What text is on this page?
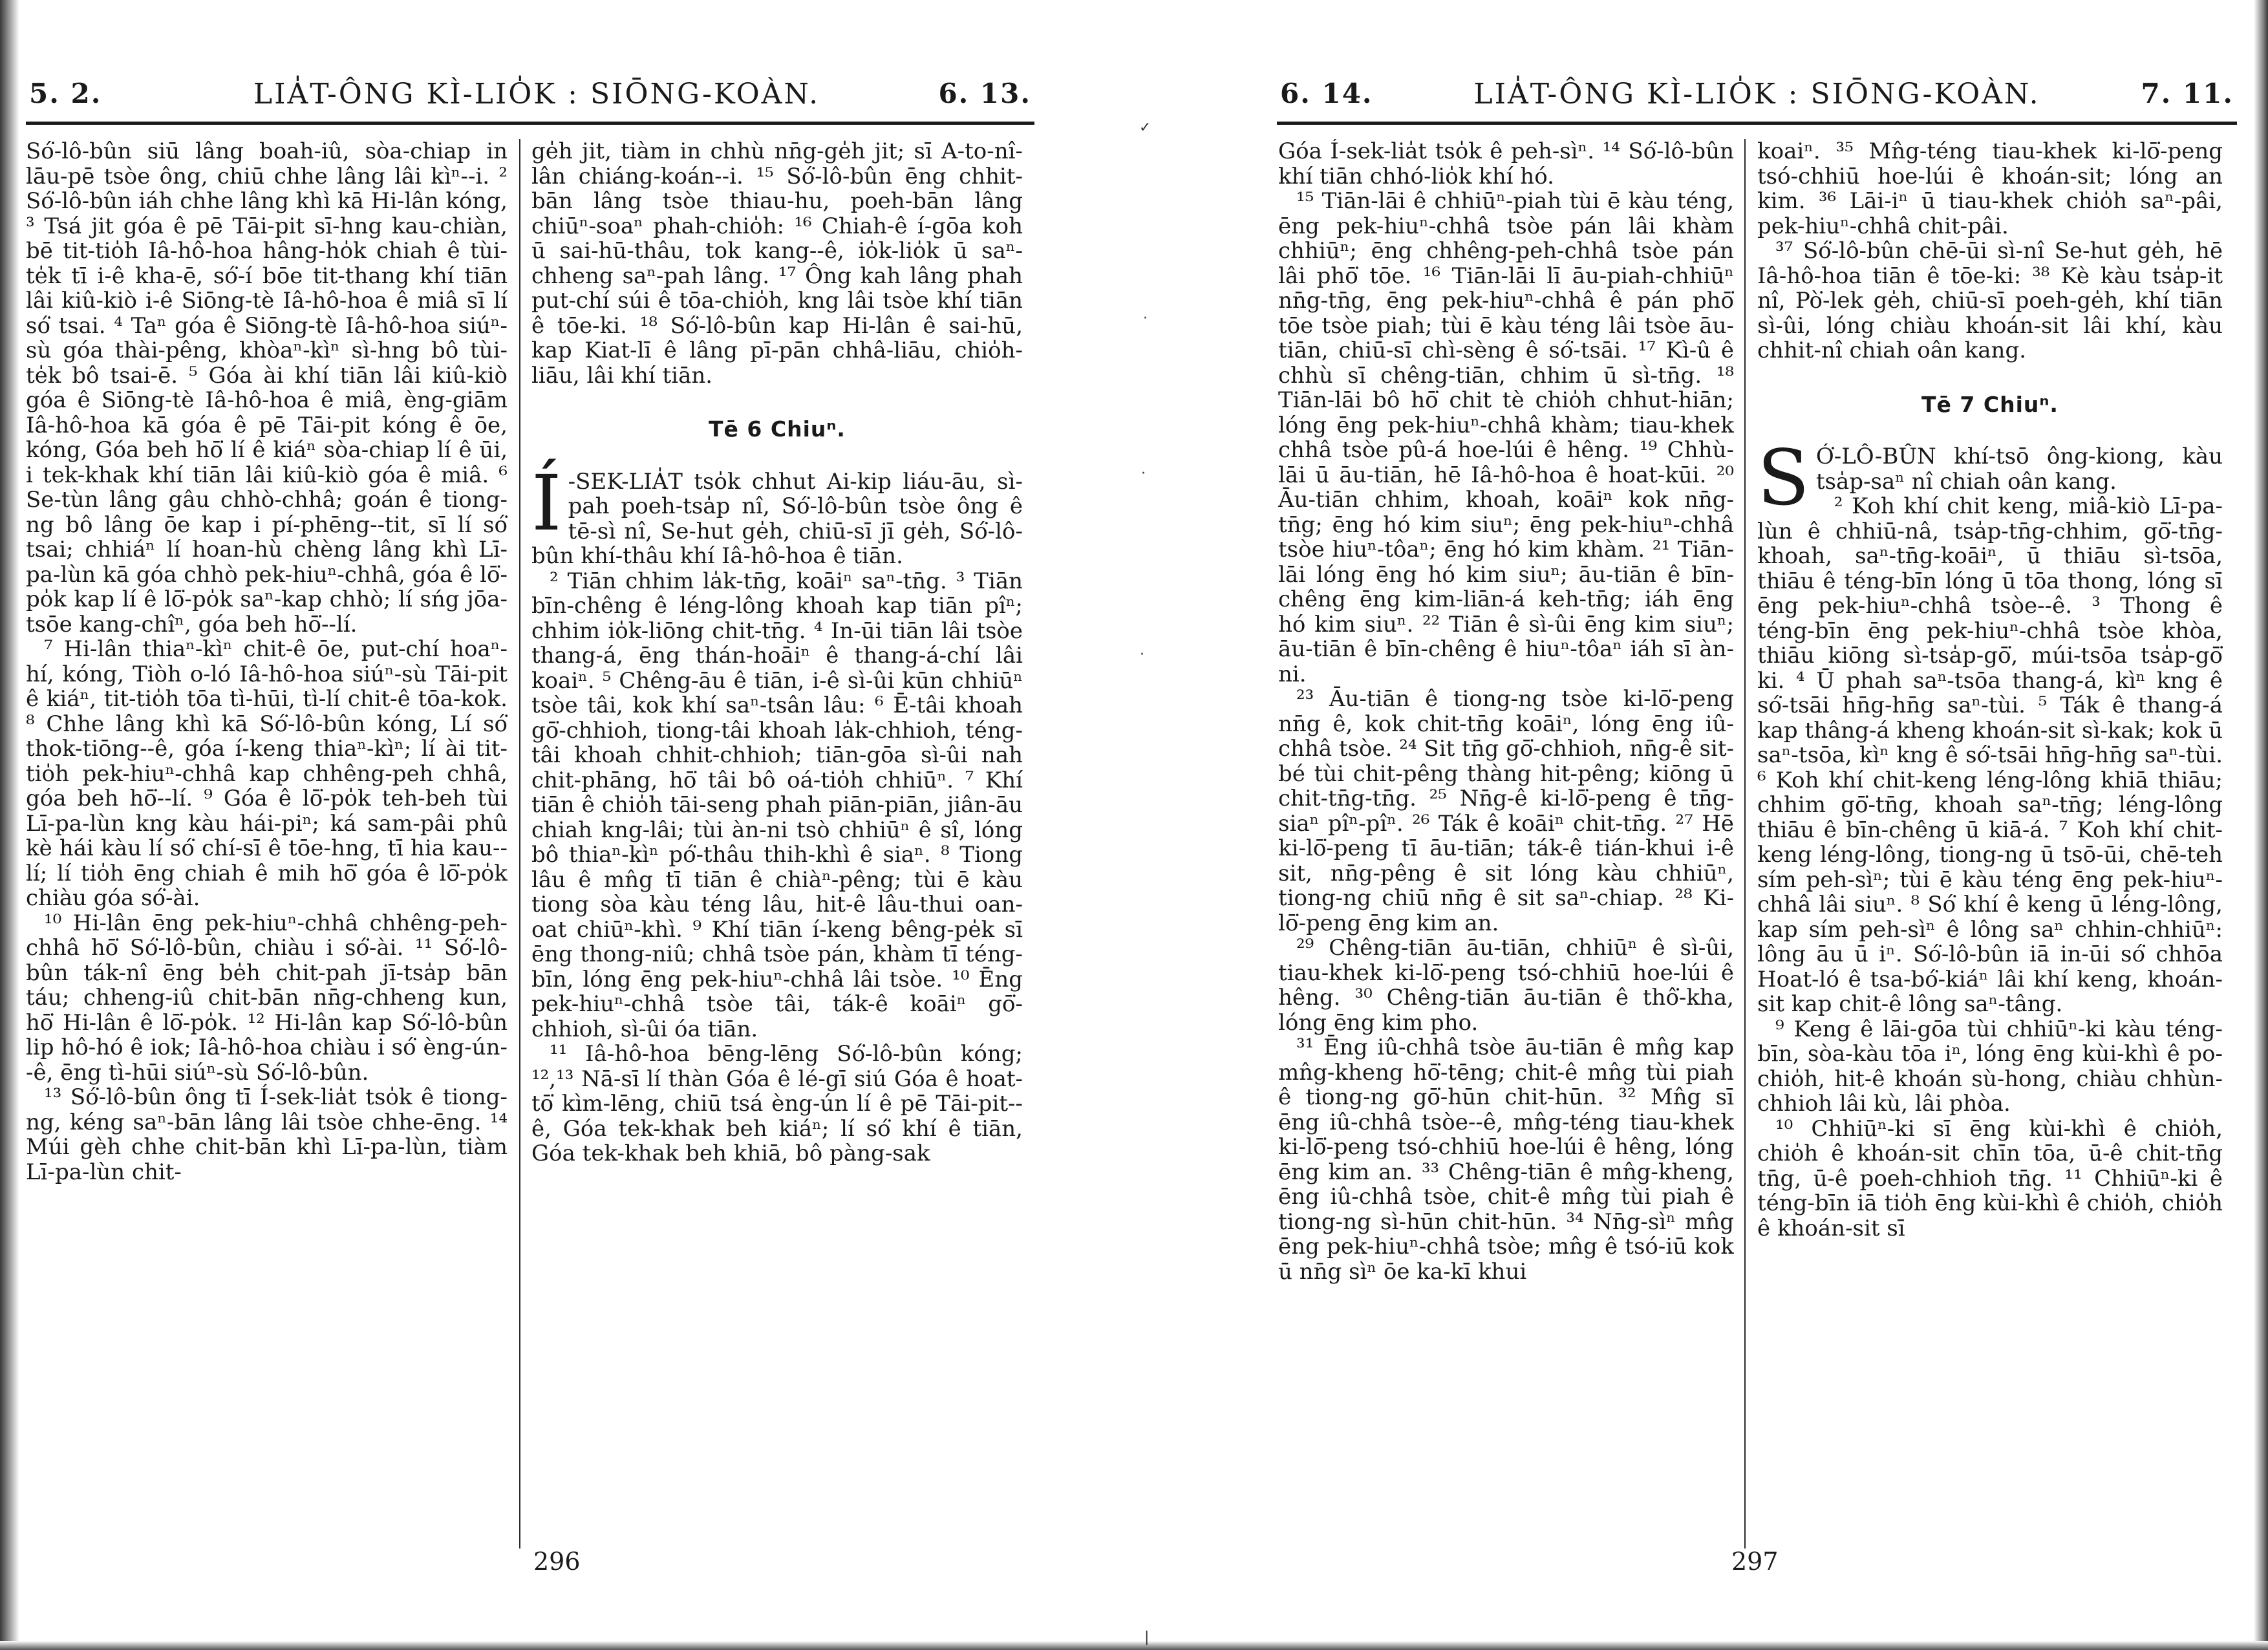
5. 2.	LIA̍T-ÔNG KÌ-LIO̍K : SIŌNG-KOÀN.	6. 13.

Só͘-lô-bûn siū lâng boah-iû, sòa-chiap in lāu-pē tsòe ông, chiū chhe lâng lâi kìⁿ--i. ² Só͘-lô-bûn iáh chhe lâng khì kā Hi-lân kóng, ³ Tsá jit góa ê pē Tāi-pit sī-hng kau-chiàn, bē tit-tio̍h Iâ-hô-hoa hâng-ho̍k chiah ê tùi-te̍k tī i-ê kha-ē, só͘-í bōe tit-thang khí tiān lâi kiû-kiò i-ê Siōng-tè Iâ-hô-hoa ê miâ sī lí só͘ tsai. ⁴ Taⁿ góa ê Siōng-tè Iâ-hô-hoa siúⁿ-sù góa thài-pêng, khòaⁿ-kìⁿ sì-hng bô tùi-te̍k bô tsai-ē. ⁵ Góa ài khí tiān lâi kiû-kiò góa ê Siōng-tè Iâ-hô-hoa ê miâ, èng-giām Iâ-hô-hoa kā góa ê pē Tāi-pit kóng ê ōe, kóng, Góa beh hō͘ lí ê kiáⁿ sòa-chiap lí ê ūi, i tek-khak khí tiān lâi kiû-kiò góa ê miâ. ⁶ Se-tùn lâng gâu chhò-chhâ; goán ê tiong-ng bô lâng ōe kap i pí-phēng--tit, sī lí só͘ tsai; chhiáⁿ lí hoan-hù chèng lâng khì Lī-pa-lùn kā góa chhò pek-hiuⁿ-chhâ, góa ê lō͘-po̍k kap lí ê lō͘-po̍k saⁿ-kap chhò; lí sńg jōa-tsōe kang-chîⁿ, góa beh hō͘--lí.

⁷ Hi-lân thiaⁿ-kìⁿ chit-ê ōe, put-chí hoaⁿ-hí, kóng, Tiòh o-ló Iâ-hô-hoa siúⁿ-sù Tāi-pit ê kiáⁿ, tit-tio̍h tōa tì-hūi, tì-lí chit-ê tōa-kok. ⁸ Chhe lâng khì kā Só͘-lô-bûn kóng, Lí só͘ thok-tiōng--ê, góa í-keng thiaⁿ-kìⁿ; lí ài tit-tio̍h pek-hiuⁿ-chhâ kap chhêng-peh chhâ, góa beh hō͘--lí. ⁹ Góa ê lō͘-po̍k teh-beh tùi Lī-pa-lùn kng kàu hái-piⁿ; ká sam-pâi phû kè hái kàu lí só͘ chí-sī ê tōe-hng, tī hia kau--lí; lí tio̍h ēng chiah ê mih hō͘ góa ê lō͘-po̍k chiàu góa só͘-ài.

¹⁰ Hi-lân ēng pek-hiuⁿ-chhâ chhêng-peh-chhâ hō͘ Só͘-lô-bûn, chiàu i só͘-ài. ¹¹ Só͘-lô-bûn ták-nî ēng be̍h chit-pah jī-tsa̍p bān táu; chheng-iû chit-bān nn̄g-chheng kun, hō͘ Hi-lân ê lō͘-po̍k. ¹² Hi-lân kap Só͘-lô-bûn lip hô-hó ê iok; Iâ-hô-hoa chiàu i só͘ èng-ún--ê, ēng tì-hūi siúⁿ-sù Só͘-lô-bûn.

¹³ Só͘-lô-bûn ông tī Í-sek-lia̍t tso̍k ê tiong-ng, kéng saⁿ-bān lâng lâi tsòe chhe-ēng. ¹⁴ Múi gèh chhe chit-bān khì Lī-pa-lùn, tiàm Lī-pa-lùn chit-

ge̍h jit, tiàm in chhù nn̄g-ge̍h jit; sī A-to-nî-lân chiáng-koán--i. ¹⁵ Só͘-lô-bûn ēng chhit-bān lâng tsòe thiau-hu, poeh-bān lâng chiūⁿ-soaⁿ phah-chio̍h: ¹⁶ Chiah-ê í-gōa koh ū sai-hū-thâu, tok kang--ê, io̍k-lio̍k ū saⁿ-chheng saⁿ-pah lâng. ¹⁷ Ông kah lâng phah put-chí súi ê tōa-chio̍h, kng lâi tsòe khí tiān ê tōe-ki. ¹⁸ Só͘-lô-bûn kap Hi-lân ê sai-hū, kap Kiat-lī ê lâng pī-pān chhâ-liāu, chio̍h-liāu, lâi khí tiān.

Tē 6 Chiuⁿ.

Í -SEK-LIA̍T tso̍k chhut Ai-kip liáu-āu, sì-pah poeh-tsa̍p nî, Só͘-lô-bûn tsòe ông ê tē-sì nî, Se-hut ge̍h, chiū-sī jī ge̍h, Só͘-lô-bûn khí-thâu khí Iâ-hô-hoa ê tiān.

² Tiān chhim la̍k-tn̄g, koāiⁿ saⁿ-tn̄g. ³ Tiān bīn-chêng ê léng-lông khoah kap tiān pîⁿ; chhim io̍k-liōng chit-tn̄g. ⁴ In-ūi tiān lâi tsòe thang-á, ēng thán-hoāiⁿ ê thang-á-chí lâi koaiⁿ. ⁵ Chêng-āu ê tiān, i-ê sì-ûi kūn chhiūⁿ tsòe tâi, kok khí saⁿ-tsân lâu: ⁶ Ē-tâi khoah gō͘-chhioh, tiong-tâi khoah la̍k-chhioh, téng-tâi khoah chhit-chhioh; tiān-gōa sì-ûi nah chit-phāng, hō͘ tâi bô oá-tio̍h chhiūⁿ. ⁷ Khí tiān ê chio̍h tāi-seng phah piān-piān, jiân-āu chiah kng-lâi; tùi àn-ni tsò chhiūⁿ ê sî, lóng bô thiaⁿ-kìⁿ pó͘-thâu thih-khì ê siaⁿ. ⁸ Tiong lâu ê mn̂g tī tiān ê chiàⁿ-pêng; tùi ē kàu tiong sòa kàu téng lâu, hit-ê lâu-thui oan-oat chiūⁿ-khì. ⁹ Khí tiān í-keng bêng-pe̍k sī ēng thong-niû; chhâ tsòe pán, khàm tī téng-bīn, lóng ēng pek-hiuⁿ-chhâ lâi tsòe. ¹⁰ Ēng pek-hiuⁿ-chhâ tsòe tâi, ták-ê koāiⁿ gō͘-chhioh, sì-ûi óa tiān.

¹¹ Iâ-hô-hoa bēng-lēng Só͘-lô-bûn kóng; ¹²,¹³ Nā-sī lí thàn Góa ê lé-gī siú Góa ê hoat-tō͘ kìm-lēng, chiū tsá èng-ún lí ê pē Tāi-pit--ê, Góa tek-khak beh kiáⁿ; lí só͘ khí ê tiān, Góa tek-khak beh khiā, bô pàng-sak

296
✓
·
·
·
|
6. 14.	LIA̍T-ÔNG KÌ-LIO̍K : SIŌNG-KOÀN.	7. 11.

Góa Í-sek-lia̍t tso̍k ê peh-sìⁿ. ¹⁴ Só͘-lô-bûn khí tiān chhó-lio̍k khí hó.

¹⁵ Tiān-lāi ê chhiūⁿ-piah tùi ē kàu téng, ēng pek-hiuⁿ-chhâ tsòe pán lâi khàm chhiūⁿ; ēng chhêng-peh-chhâ tsòe pán lâi phō͘ tōe. ¹⁶ Tiān-lāi lī āu-piah-chhiūⁿ nn̄g-tn̄g, ēng pek-hiuⁿ-chhâ ê pán phō͘ tōe tsòe piah; tùi ē kàu téng lâi tsòe āu-tiān, chiū-sī chì-sèng ê só͘-tsāi. ¹⁷ Kì-û ê chhù sī chêng-tiān, chhim ū sì-tn̄g. ¹⁸ Tiān-lāi bô hō͘ chit tè chio̍h chhut-hiān; lóng ēng pek-hiuⁿ-chhâ khàm; tiau-khek chhâ tsòe pû-á hoe-lúi ê hêng. ¹⁹ Chhù-lāi ū āu-tiān, hē Iâ-hô-hoa ê hoat-kūi. ²⁰ Āu-tiān chhim, khoah, koāiⁿ kok nn̄g-tn̄g; ēng hó kim siuⁿ; ēng pek-hiuⁿ-chhâ tsòe hiuⁿ-tôaⁿ; ēng hó kim khàm. ²¹ Tiān-lāi lóng ēng hó kim siuⁿ; āu-tiān ê bīn-chêng ēng kim-liān-á keh-tn̄g; iáh ēng hó kim siuⁿ. ²² Tiān ê sì-ûi ēng kim siuⁿ; āu-tiān ê bīn-chêng ê hiuⁿ-tôaⁿ iáh sī àn-ni.

²³ Āu-tiān ê tiong-ng tsòe ki-lō͘-peng nn̄g ê, kok chit-tn̄g koāiⁿ, lóng ēng iû-chhâ tsòe. ²⁴ Sit tn̄g gō͘-chhioh, nn̄g-ê sit-bé tùi chit-pêng thàng hit-pêng; kiōng ū chit-tn̄g-tn̄g. ²⁵ Nn̄g-ê ki-lō͘-peng ê tn̄g-siaⁿ pîⁿ-pîⁿ. ²⁶ Ták ê koāiⁿ chit-tn̄g. ²⁷ Hē ki-lō͘-peng tī āu-tiān; ták-ê tián-khui i-ê sit, nn̄g-pêng ê sit lóng kàu chhiūⁿ, tiong-ng chiū nn̄g ê sit saⁿ-chiap. ²⁸ Ki-lō͘-peng ēng kim an.

²⁹ Chêng-tiān āu-tiān, chhiūⁿ ê sì-ûi, tiau-khek ki-lō͘-peng tsó-chhiū hoe-lúi ê hêng. ³⁰ Chêng-tiān āu-tiān ê thô͘-kha, lóng ēng kim pho.

³¹ Ēng iû-chhâ tsòe āu-tiān ê mn̂g kap mn̂g-kheng hō͘-tēng; chit-ê mn̂g tùi piah ê tiong-ng gō͘-hūn chit-hūn. ³² Mn̂g sī ēng iû-chhâ tsòe--ê, mn̂g-téng tiau-khek ki-lō͘-peng tsó-chhiū hoe-lúi ê hêng, lóng ēng kim an. ³³ Chêng-tiān ê mn̂g-kheng, ēng iû-chhâ tsòe, chit-ê mn̂g tùi piah ê tiong-ng sì-hūn chit-hūn. ³⁴ Nn̄g-sìⁿ mn̂g ēng pek-hiuⁿ-chhâ tsòe; mn̂g ê tsó-iū kok ū nn̄g sìⁿ ōe ka-kī khui

koaiⁿ. ³⁵ Mn̂g-téng tiau-khek ki-lō͘-peng tsó-chhiū hoe-lúi ê khoán-sit; lóng an kim. ³⁶ Lāi-iⁿ ū tiau-khek chio̍h saⁿ-pâi, pek-hiuⁿ-chhâ chit-pâi.

³⁷ Só͘-lô-bûn chē-ūi sì-nî Se-hut ge̍h, hē Iâ-hô-hoa tiān ê tōe-ki: ³⁸ Kè kàu tsa̍p-it nî, Pò͘-lek ge̍h, chiū-sī poeh-ge̍h, khí tiān sì-ûi, lóng chiàu khoán-sit lâi khí, kàu chhit-nî chiah oân kang.

Tē 7 Chiuⁿ.

SÓ͘-LÔ-BÛN khí-tsō ông-kiong, kàu tsa̍p-saⁿ nî chiah oân kang.

² Koh khí chit keng, miâ-kiò Lī-pa-lùn ê chhiū-nâ, tsa̍p-tn̄g-chhim, gō͘-tn̄g-khoah, saⁿ-tn̄g-koāiⁿ, ū thiāu sì-tsōa, thiāu ê téng-bīn lóng ū tōa thong, lóng sī ēng pek-hiuⁿ-chhâ tsòe--ê. ³ Thong ê téng-bīn ēng pek-hiuⁿ-chhâ tsòe khòa, thiāu kiōng sì-tsa̍p-gō͘, múi-tsōa tsa̍p-gō͘ ki. ⁴ Ū phah saⁿ-tsōa thang-á, kìⁿ kng ê só͘-tsāi hn̄g-hn̄g saⁿ-tùi. ⁵ Ták ê thang-á kap thâng-á kheng khoán-sit sì-kak; kok ū saⁿ-tsōa, kìⁿ kng ê só͘-tsāi hn̄g-hn̄g saⁿ-tùi. ⁶ Koh khí chit-keng léng-lông khiā thiāu; chhim gō͘-tn̄g, khoah saⁿ-tn̄g; léng-lông thiāu ê bīn-chêng ū kiā-á. ⁷ Koh khí chit-keng léng-lông, tiong-ng ū tsō-ūi, chē-teh sím peh-sìⁿ; tùi ē kàu téng ēng pek-hiuⁿ-chhâ lâi siuⁿ. ⁸ Só͘ khí ê keng ū léng-lông, kap sím peh-sìⁿ ê lông saⁿ chhin-chhiūⁿ: lông āu ū iⁿ. Só͘-lô-bûn iā in-ūi só͘ chhōa Hoat-ló ê tsa-bó͘-kiáⁿ lâi khí keng, khoán-sit kap chit-ê lông saⁿ-tâng.

⁹ Keng ê lāi-gōa tùi chhiūⁿ-ki kàu téng-bīn, sòa-kàu tōa iⁿ, lóng ēng kùi-khì ê po-chio̍h, hit-ê khoán sù-hong, chiàu chhùn-chhioh lâi kù, lâi phòa.

¹⁰ Chhiūⁿ-ki sī ēng kùi-khì ê chio̍h, chio̍h ê khoán-sit chīn tōa, ū-ê chit-tn̄g tn̄g, ū-ê poeh-chhioh tn̄g. ¹¹ Chhiūⁿ-ki ê téng-bīn iā tio̍h ēng kùi-khì ê chio̍h, chio̍h ê khoán-sit sī

297
